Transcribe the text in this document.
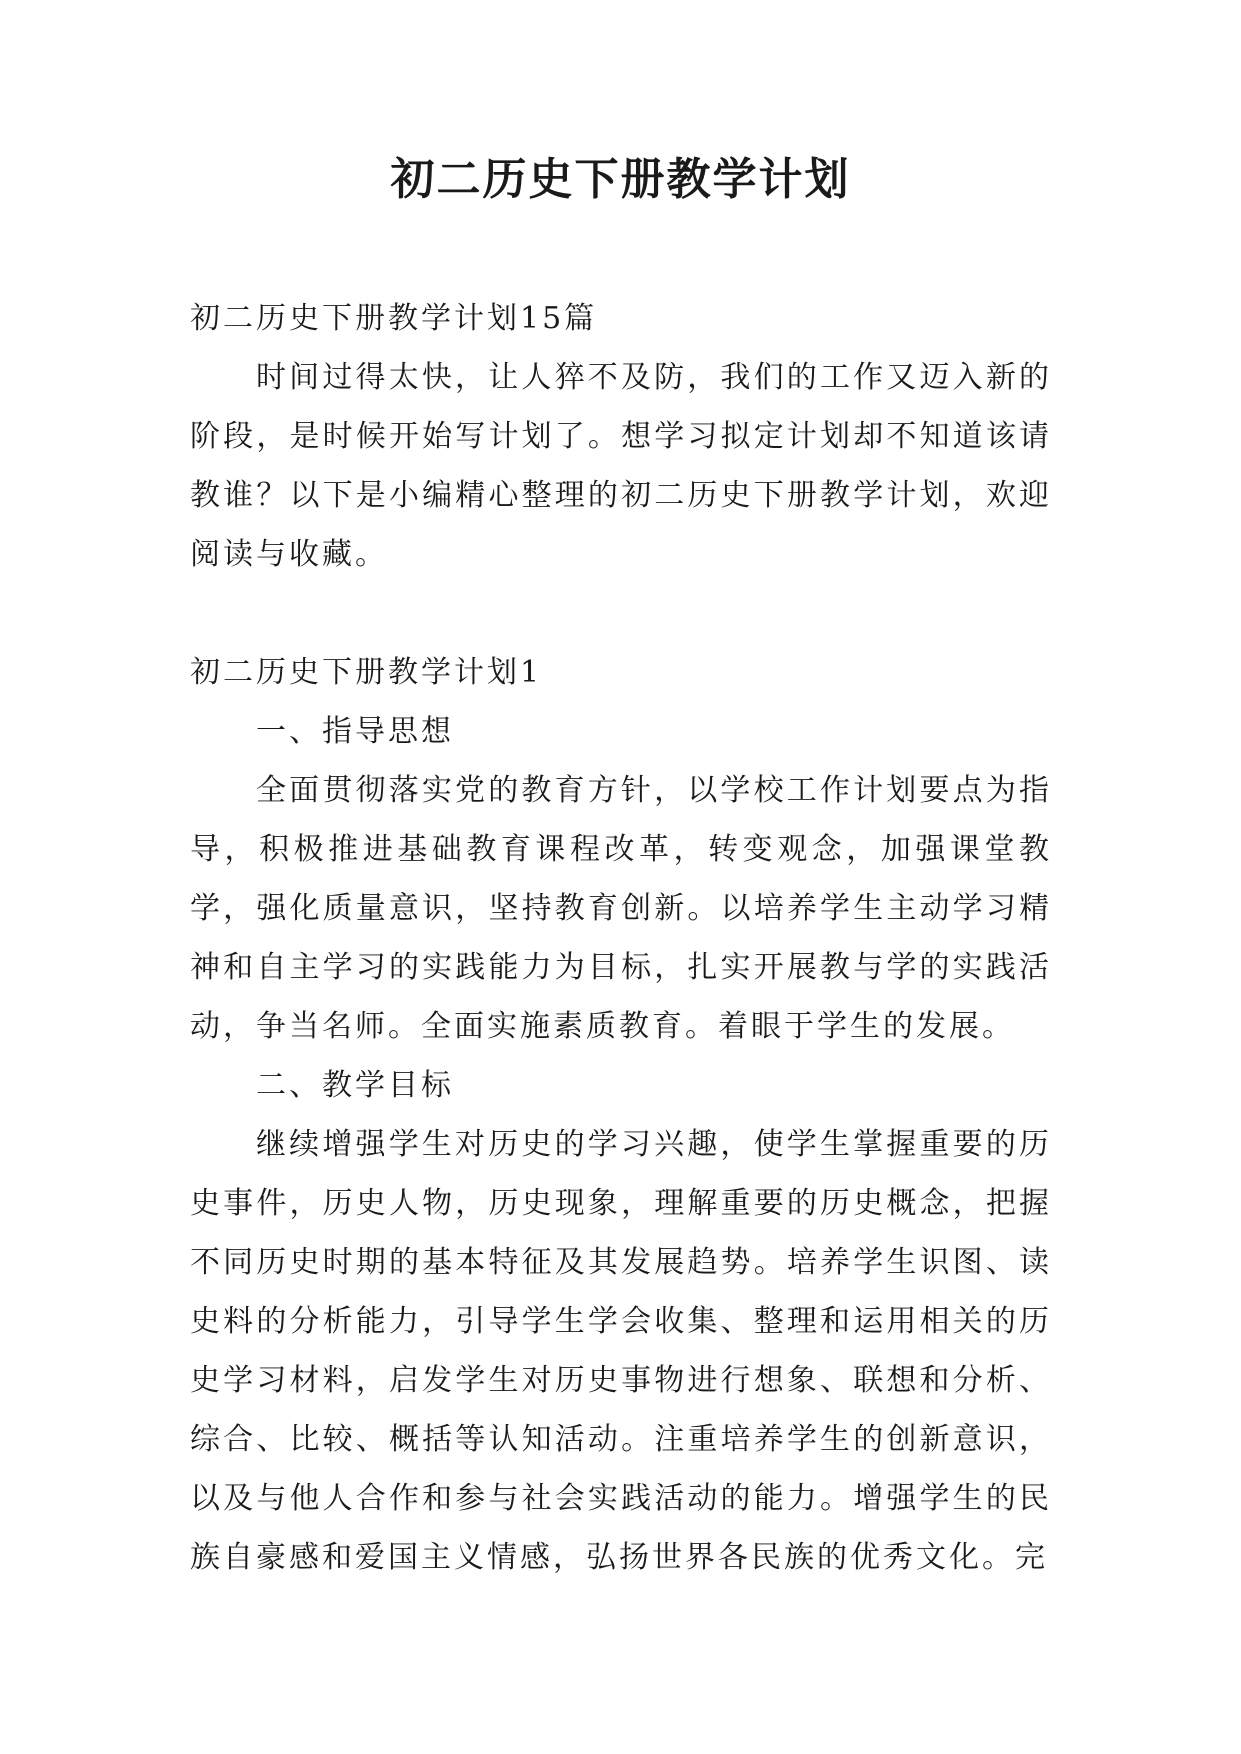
初二历史下册教学计划

初二历史下册教学计划15篇

时间过得太快，让人猝不及防，我们的工作又迈入新的阶段，是时候开始写计划了。想学习拟定计划却不知道该请教谁？以下是小编精心整理的初二历史下册教学计划，欢迎阅读与收藏。

初二历史下册教学计划1

一、指导思想

全面贯彻落实党的教育方针，以学校工作计划要点为指导，积极推进基础教育课程改革，转变观念，加强课堂教学，强化质量意识，坚持教育创新。以培养学生主动学习精神和自主学习的实践能力为目标，扎实开展教与学的实践活动，争当名师。全面实施素质教育。着眼于学生的发展。

二、教学目标

继续增强学生对历史的学习兴趣，使学生掌握重要的历史事件，历史人物，历史现象，理解重要的历史概念，把握不同历史时期的基本特征及其发展趋势。培养学生识图、读史料的分析能力，引导学生学会收集、整理和运用相关的历史学习材料，启发学生对历史事物进行想象、联想和分析、综合、比较、概括等认知活动。注重培养学生的创新意识，以及与他人合作和参与社会实践活动的能力。增强学生的民族自豪感和爱国主义情感，弘扬世界各民族的优秀文化。完
